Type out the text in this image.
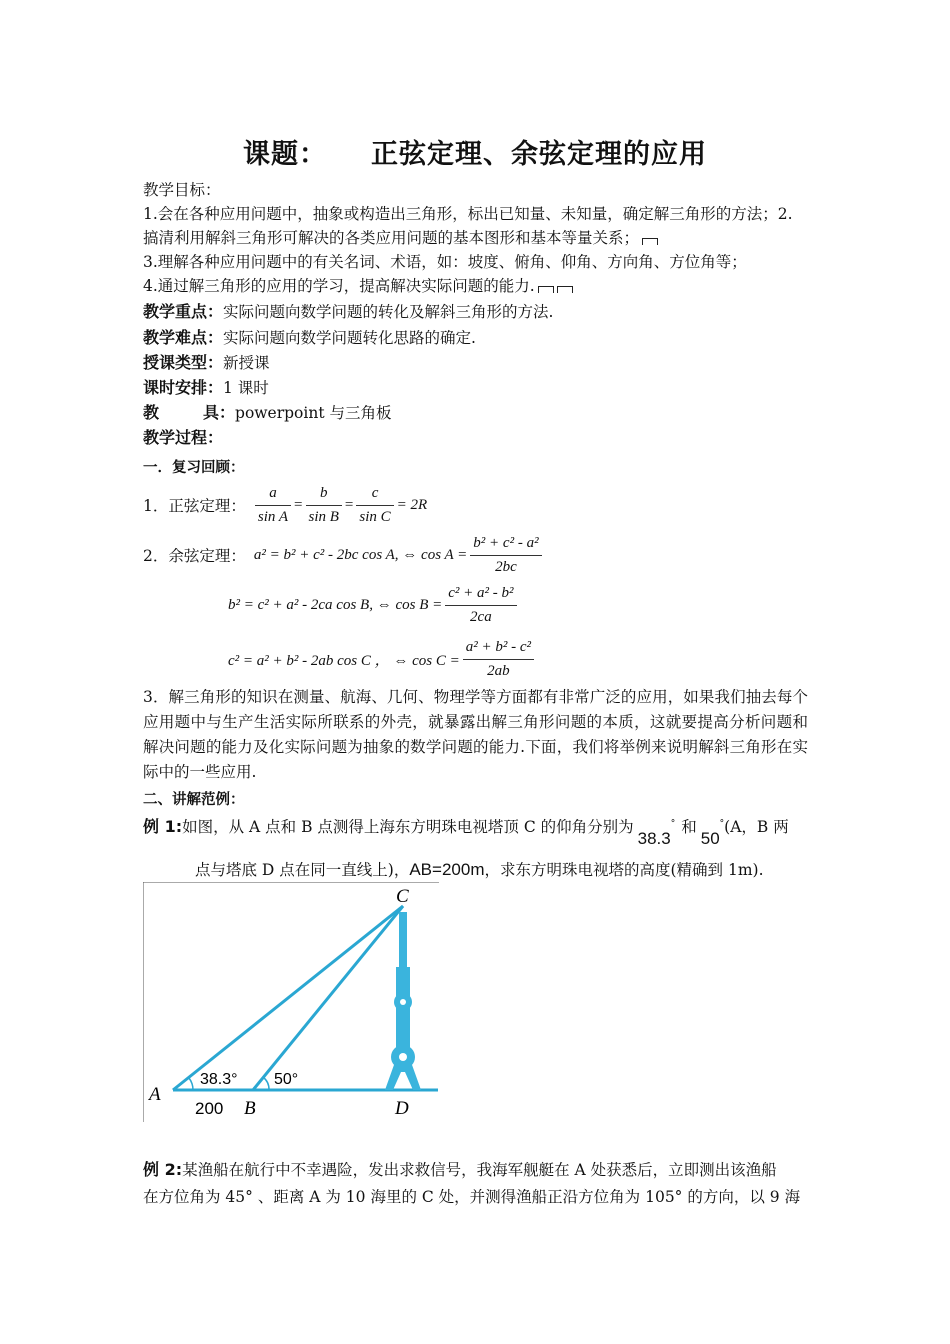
课题： 正弦定理、余弦定理的应用
教学目标：
1.会在各种应用问题中，抽象或构造出三角形，标出已知量、未知量，确定解三角形的方法；2.
搞清利用解斜三角形可解决的各类应用问题的基本图形和基本等量关系；
3.理解各种应用问题中的有关名词、术语，如：坡度、俯角、仰角、方向角、方位角等；
4.通过解三角形的应用的学习，提高解决实际问题的能力.
教学重点：实际问题向数学问题的转化及解斜三角形的方法.
教学难点：实际问题向数学问题转化思路的确定.
授课类型：新授课
课时安排：1 课时
教	具：powerpoint 与三角板
教学过程：
一．复习回顾：
1．正弦定理： $\frac{a}{\text{sin A}} = \frac{b}{\text{sin B}} = \frac{c}{\text{sin C}} = 2R$
2．余弦定理： a² = b² + c² - 2bc cos A, ⇔ $\cos A = \frac{\text{b² + c² - a²}}{2bc}$
b² = c² + a² - 2ca cos B, ⇔ $\cos B = \frac{\text{c² + a² - b²}}{2ca}$
c² = a² + b² - 2ab cos C ， ⇔ $\cos C = \frac{\text{a² + b² - c²}}{2ab}$
3．解三角形的知识在测量、航海、几何、物理学等方面都有非常广泛的应用，如果我们抽去每个应用题中与生产生活实际所联系的外壳，就暴露出解三角形问题的本质，这就要提高分析问题和解决问题的能力及化实际问题为抽象的数学问题的能力.下面，我们将举例来说明解斜三角形在实际中的一些应用.
二、讲解范例：
例 1:如图，从 A 点和 B 点测得上海东方明珠电视塔顶 C 的仰角分别为38.3° 和50°(A，B 两
点与塔底 D 点在同一直线上)，AB=200m，求东方明珠电视塔的高度(精确到 1m).
A
B
C
D
38.3° 50°
200
例 2:某渔船在航行中不幸遇险，发出求救信号，我海军舰艇在 A 处获悉后，立即测出该渔船
在方位角为 45° 、距离 A 为 10 海里的 C 处，并测得渔船正沿方位角为 105° 的方向，以 9 海
